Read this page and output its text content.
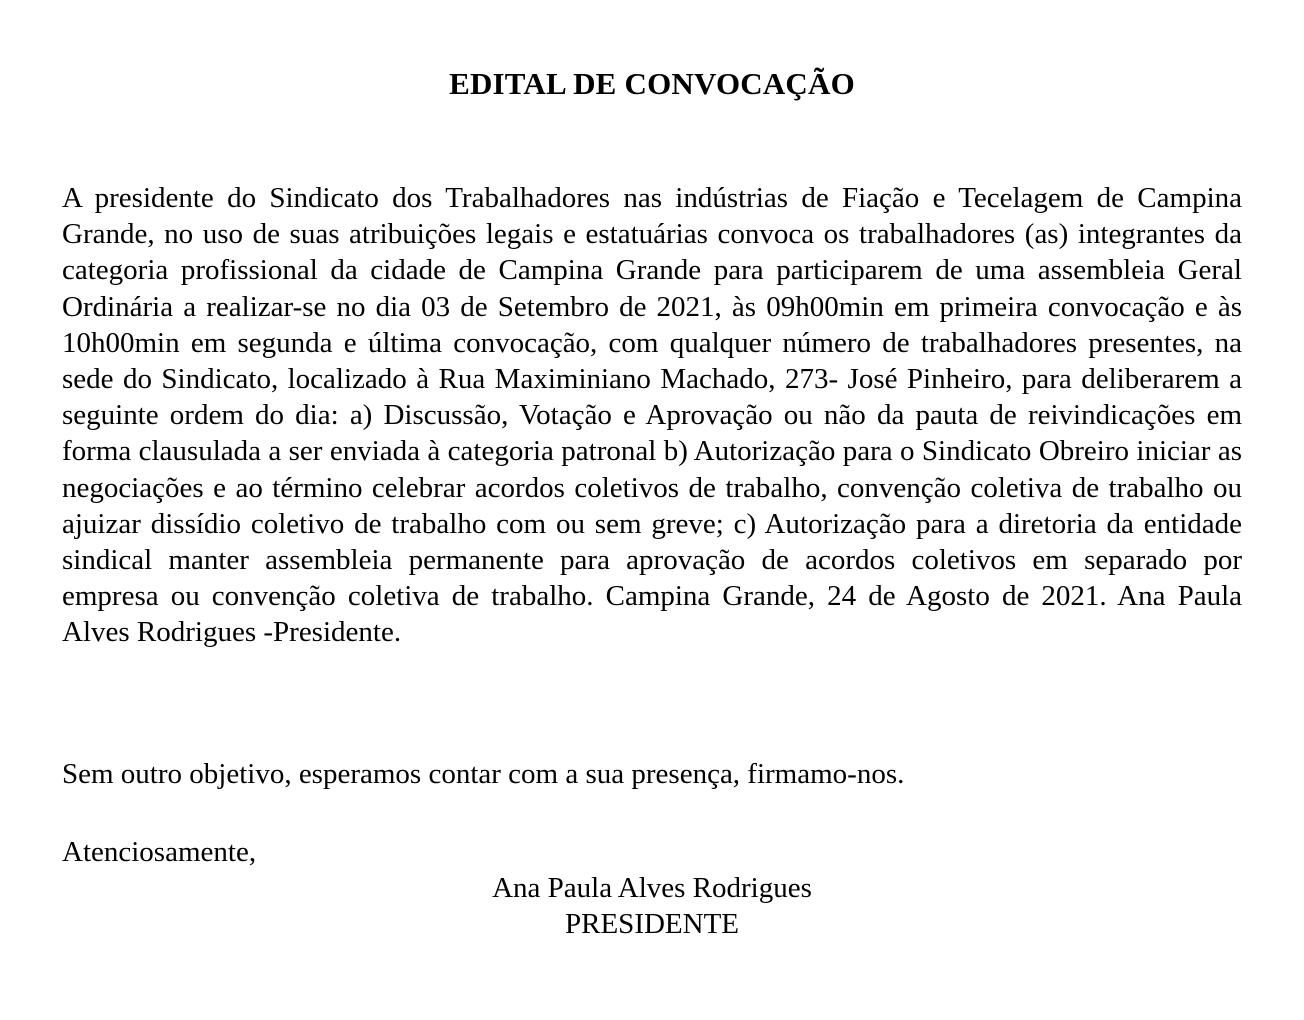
EDITAL DE CONVOCAÇÃO

A presidente do Sindicato dos Trabalhadores nas indústrias de Fiação e Tecelagem de Campina Grande, no uso de suas atribuições legais e estatuárias convoca os trabalhadores (as) integrantes da categoria profissional da cidade de Campina Grande para participarem de uma assembleia Geral Ordinária a realizar-se no dia 03 de Setembro de 2021, às 09h00min em primeira convocação e às 10h00min em segunda e última convocação, com qualquer número de trabalhadores presentes, na sede do Sindicato, localizado à Rua Maximiniano Machado, 273- José Pinheiro, para deliberarem a seguinte ordem do dia: a) Discussão, Votação e Aprovação ou não da pauta de reivindicações em forma clausulada a ser enviada à categoria patronal b) Autorização para o Sindicato Obreiro iniciar as negociações e ao término celebrar acordos coletivos de trabalho, convenção coletiva de trabalho ou ajuizar dissídio coletivo de trabalho com ou sem greve; c) Autorização para a diretoria da entidade sindical manter assembleia permanente para aprovação de acordos coletivos em separado por empresa ou convenção coletiva de trabalho. Campina Grande, 24 de Agosto de 2021. Ana Paula Alves Rodrigues -Presidente.

Sem outro objetivo, esperamos contar com a sua presença, firmamo-nos.

Atenciosamente,

Ana Paula Alves Rodrigues
PRESIDENTE
